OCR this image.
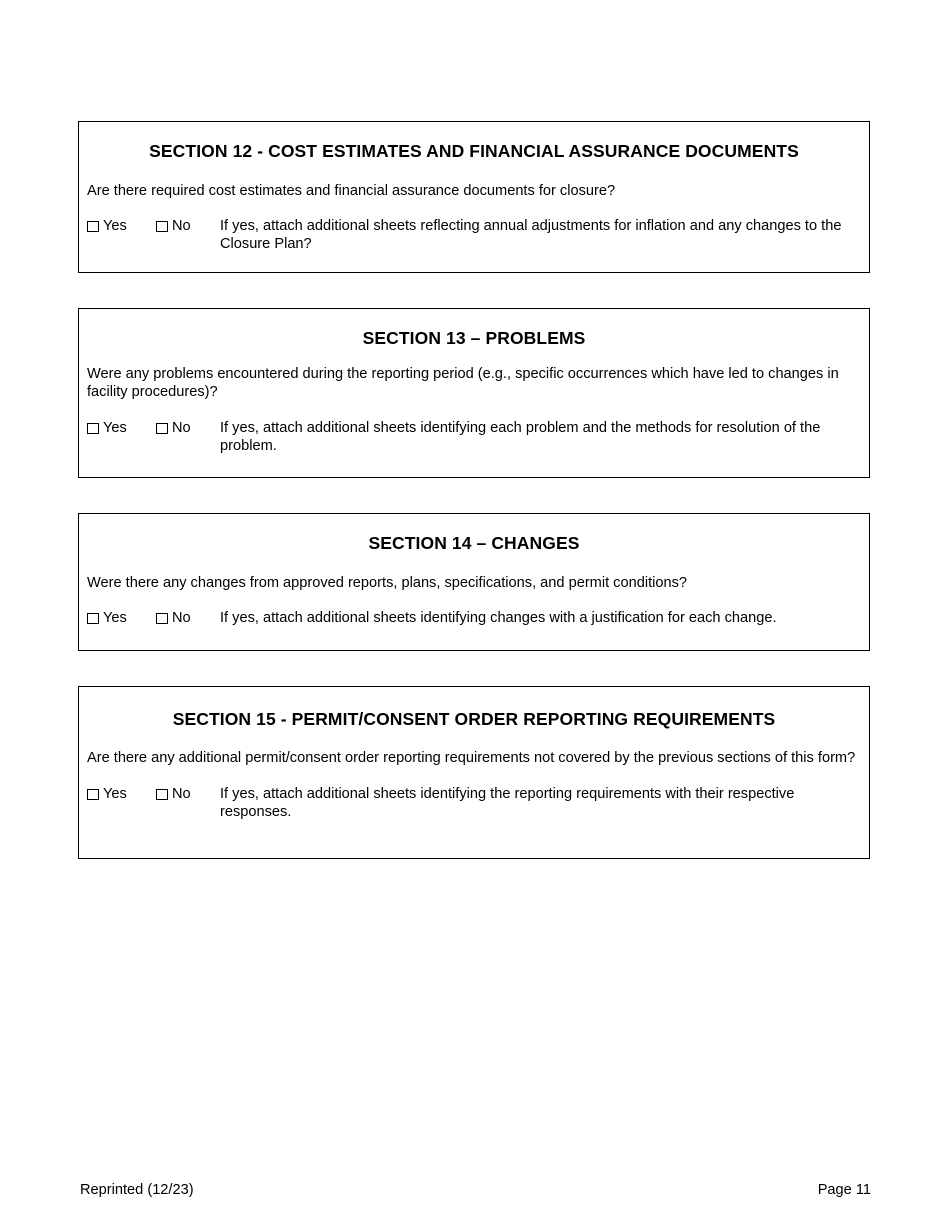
SECTION 12 - COST ESTIMATES AND FINANCIAL ASSURANCE DOCUMENTS

Are there required cost estimates and financial assurance documents for closure?

Yes	No If yes, attach additional sheets reflecting annual adjustments for inflation and any changes to the Closure Plan?
SECTION 13 – PROBLEMS

Were any problems encountered during the reporting period (e.g., specific occurrences which have led to changes in facility procedures)?

Yes	No If yes, attach additional sheets identifying each problem and the methods for resolution of the problem.
SECTION 14 – CHANGES

Were there any changes from approved reports, plans, specifications, and permit conditions?

Yes	No If yes, attach additional sheets identifying changes with a justification for each change.
SECTION 15 - PERMIT/CONSENT ORDER REPORTING REQUIREMENTS

Are there any additional permit/consent order reporting requirements not covered by the previous sections of this form?

Yes	No If yes, attach additional sheets identifying the reporting requirements with their respective responses.
Reprinted (12/23)	Page 11
